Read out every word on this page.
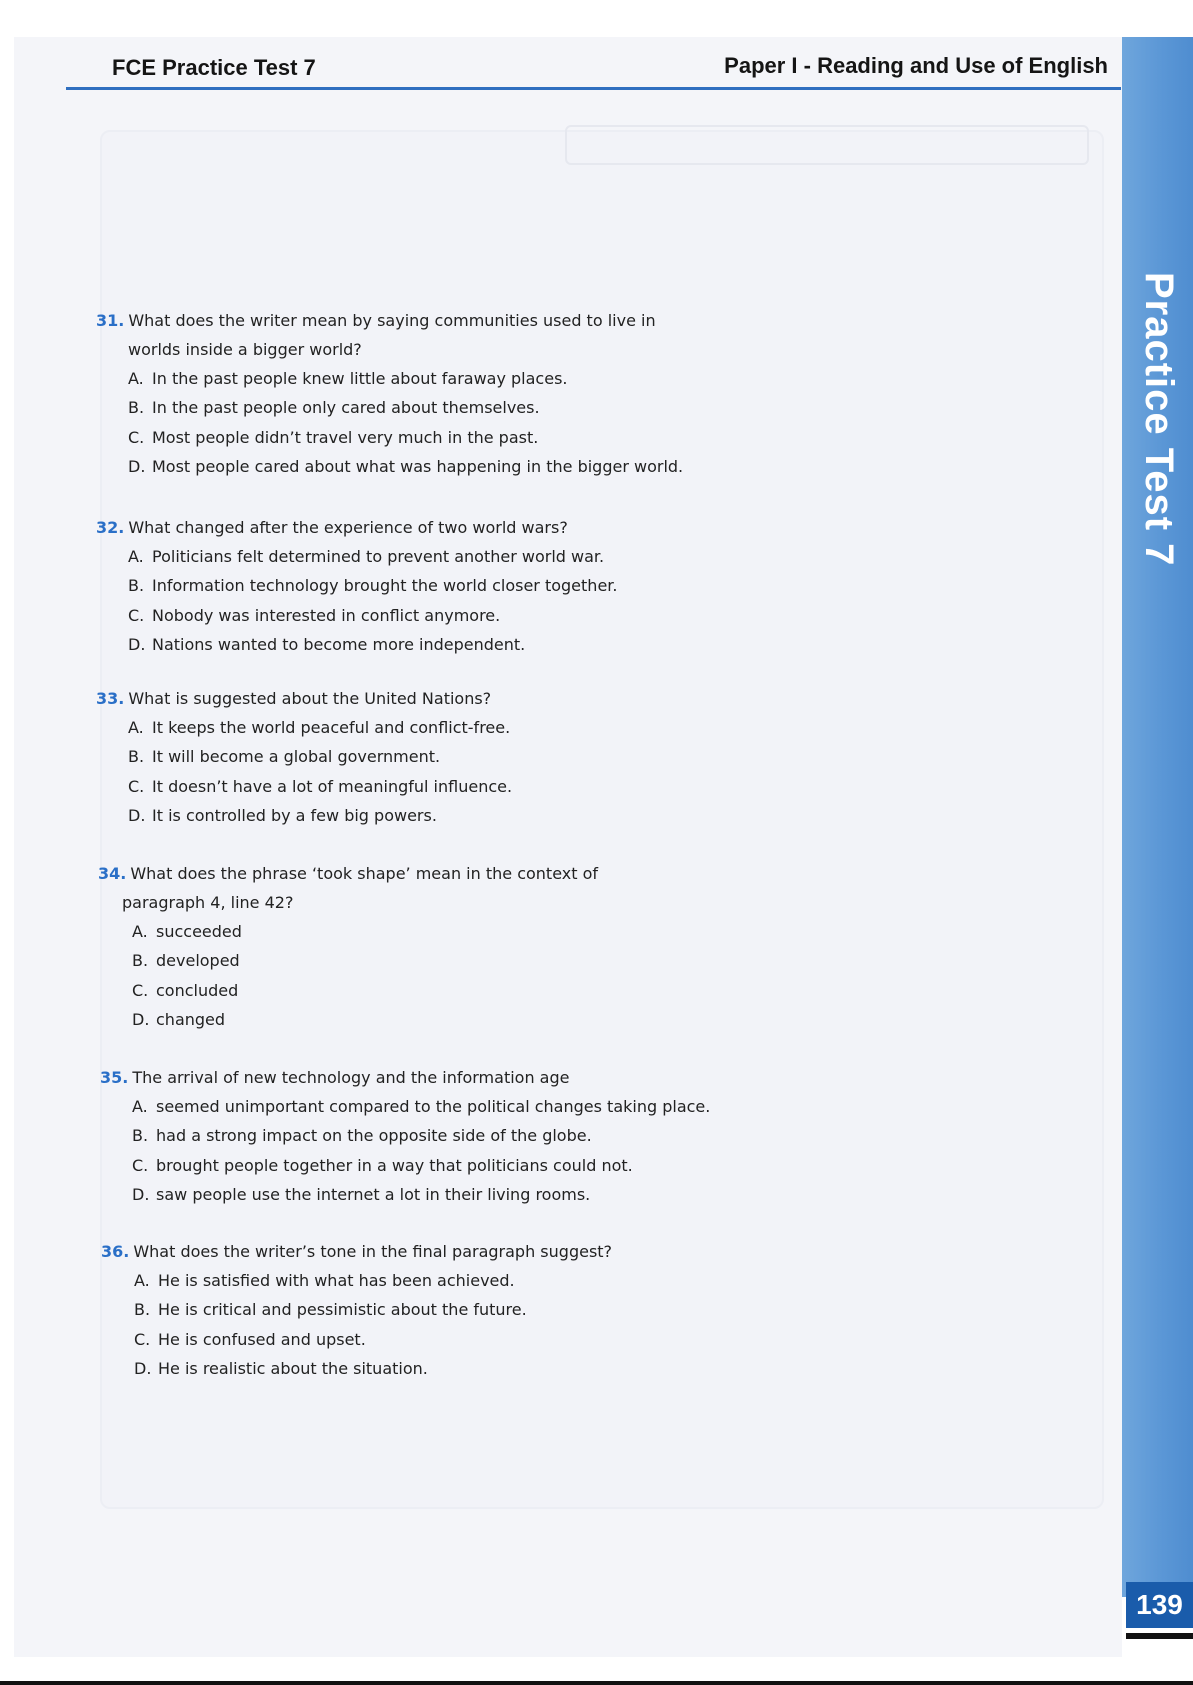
FCE Practice Test 7	Paper I - Reading and Use of English
Practice Test 7
139
31. What does the writer mean by saying communities used to live in
worlds inside a bigger world?
A. In the past people knew little about faraway places.
B. In the past people only cared about themselves.
C. Most people didn’t travel very much in the past.
D. Most people cared about what was happening in the bigger world.
32. What changed after the experience of two world wars?
A. Politicians felt determined to prevent another world war.
B. Information technology brought the world closer together.
C. Nobody was interested in conflict anymore.
D. Nations wanted to become more independent.
33. What is suggested about the United Nations?
A. It keeps the world peaceful and conflict-free.
B. It will become a global government.
C. It doesn’t have a lot of meaningful influence.
D. It is controlled by a few big powers.
34. What does the phrase ‘took shape’ mean in the context of
paragraph 4, line 42?
A. succeeded
B. developed
C. concluded
D. changed
35. The arrival of new technology and the information age
A. seemed unimportant compared to the political changes taking place.
B. had a strong impact on the opposite side of the globe.
C. brought people together in a way that politicians could not.
D. saw people use the internet a lot in their living rooms.
36. What does the writer’s tone in the final paragraph suggest?
A. He is satisfied with what has been achieved.
B. He is critical and pessimistic about the future.
C. He is confused and upset.
D. He is realistic about the situation.
